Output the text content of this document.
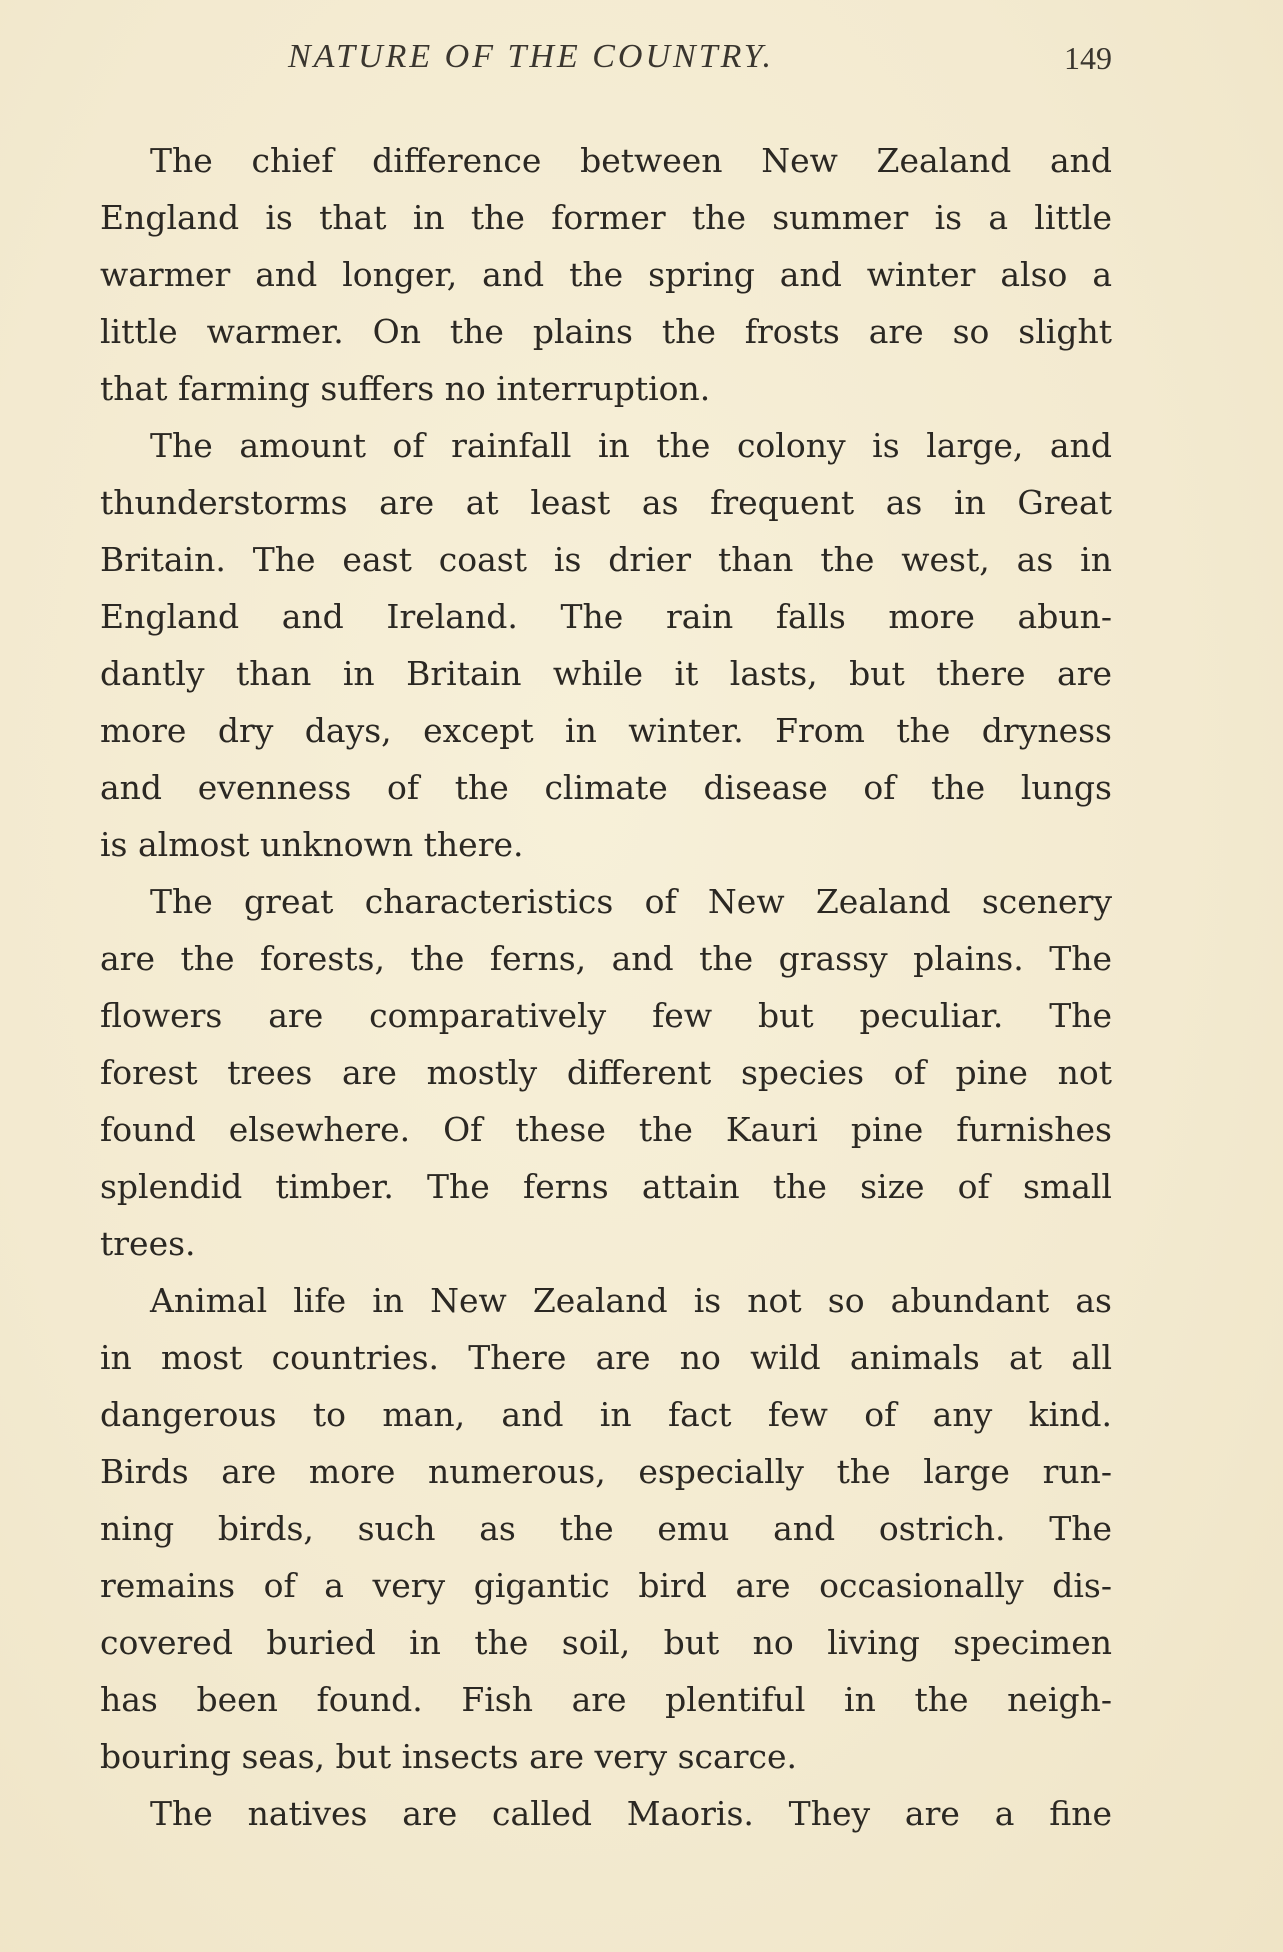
NATURE OF THE COUNTRY.	149
The chief difference between New Zealand and
England is that in the former the summer is a little
warmer and longer, and the spring and winter also a
little warmer. On the plains the frosts are so slight
that farming suffers no interruption.
The amount of rainfall in the colony is large, and
thunderstorms are at least as frequent as in Great
Britain. The east coast is drier than the west, as in
England and Ireland. The rain falls more abun-
dantly than in Britain while it lasts, but there are
more dry days, except in winter. From the dryness
and evenness of the climate disease of the lungs
is almost unknown there.
The great characteristics of New Zealand scenery
are the forests, the ferns, and the grassy plains. The
flowers are comparatively few but peculiar. The
forest trees are mostly different species of pine not
found elsewhere. Of these the Kauri pine furnishes
splendid timber. The ferns attain the size of small
trees.
Animal life in New Zealand is not so abundant as
in most countries. There are no wild animals at all
dangerous to man, and in fact few of any kind.
Birds are more numerous, especially the large run-
ning birds, such as the emu and ostrich. The
remains of a very gigantic bird are occasionally dis-
covered buried in the soil, but no living specimen
has been found. Fish are plentiful in the neigh-
bouring seas, but insects are very scarce.
The natives are called Maoris. They are a fine
